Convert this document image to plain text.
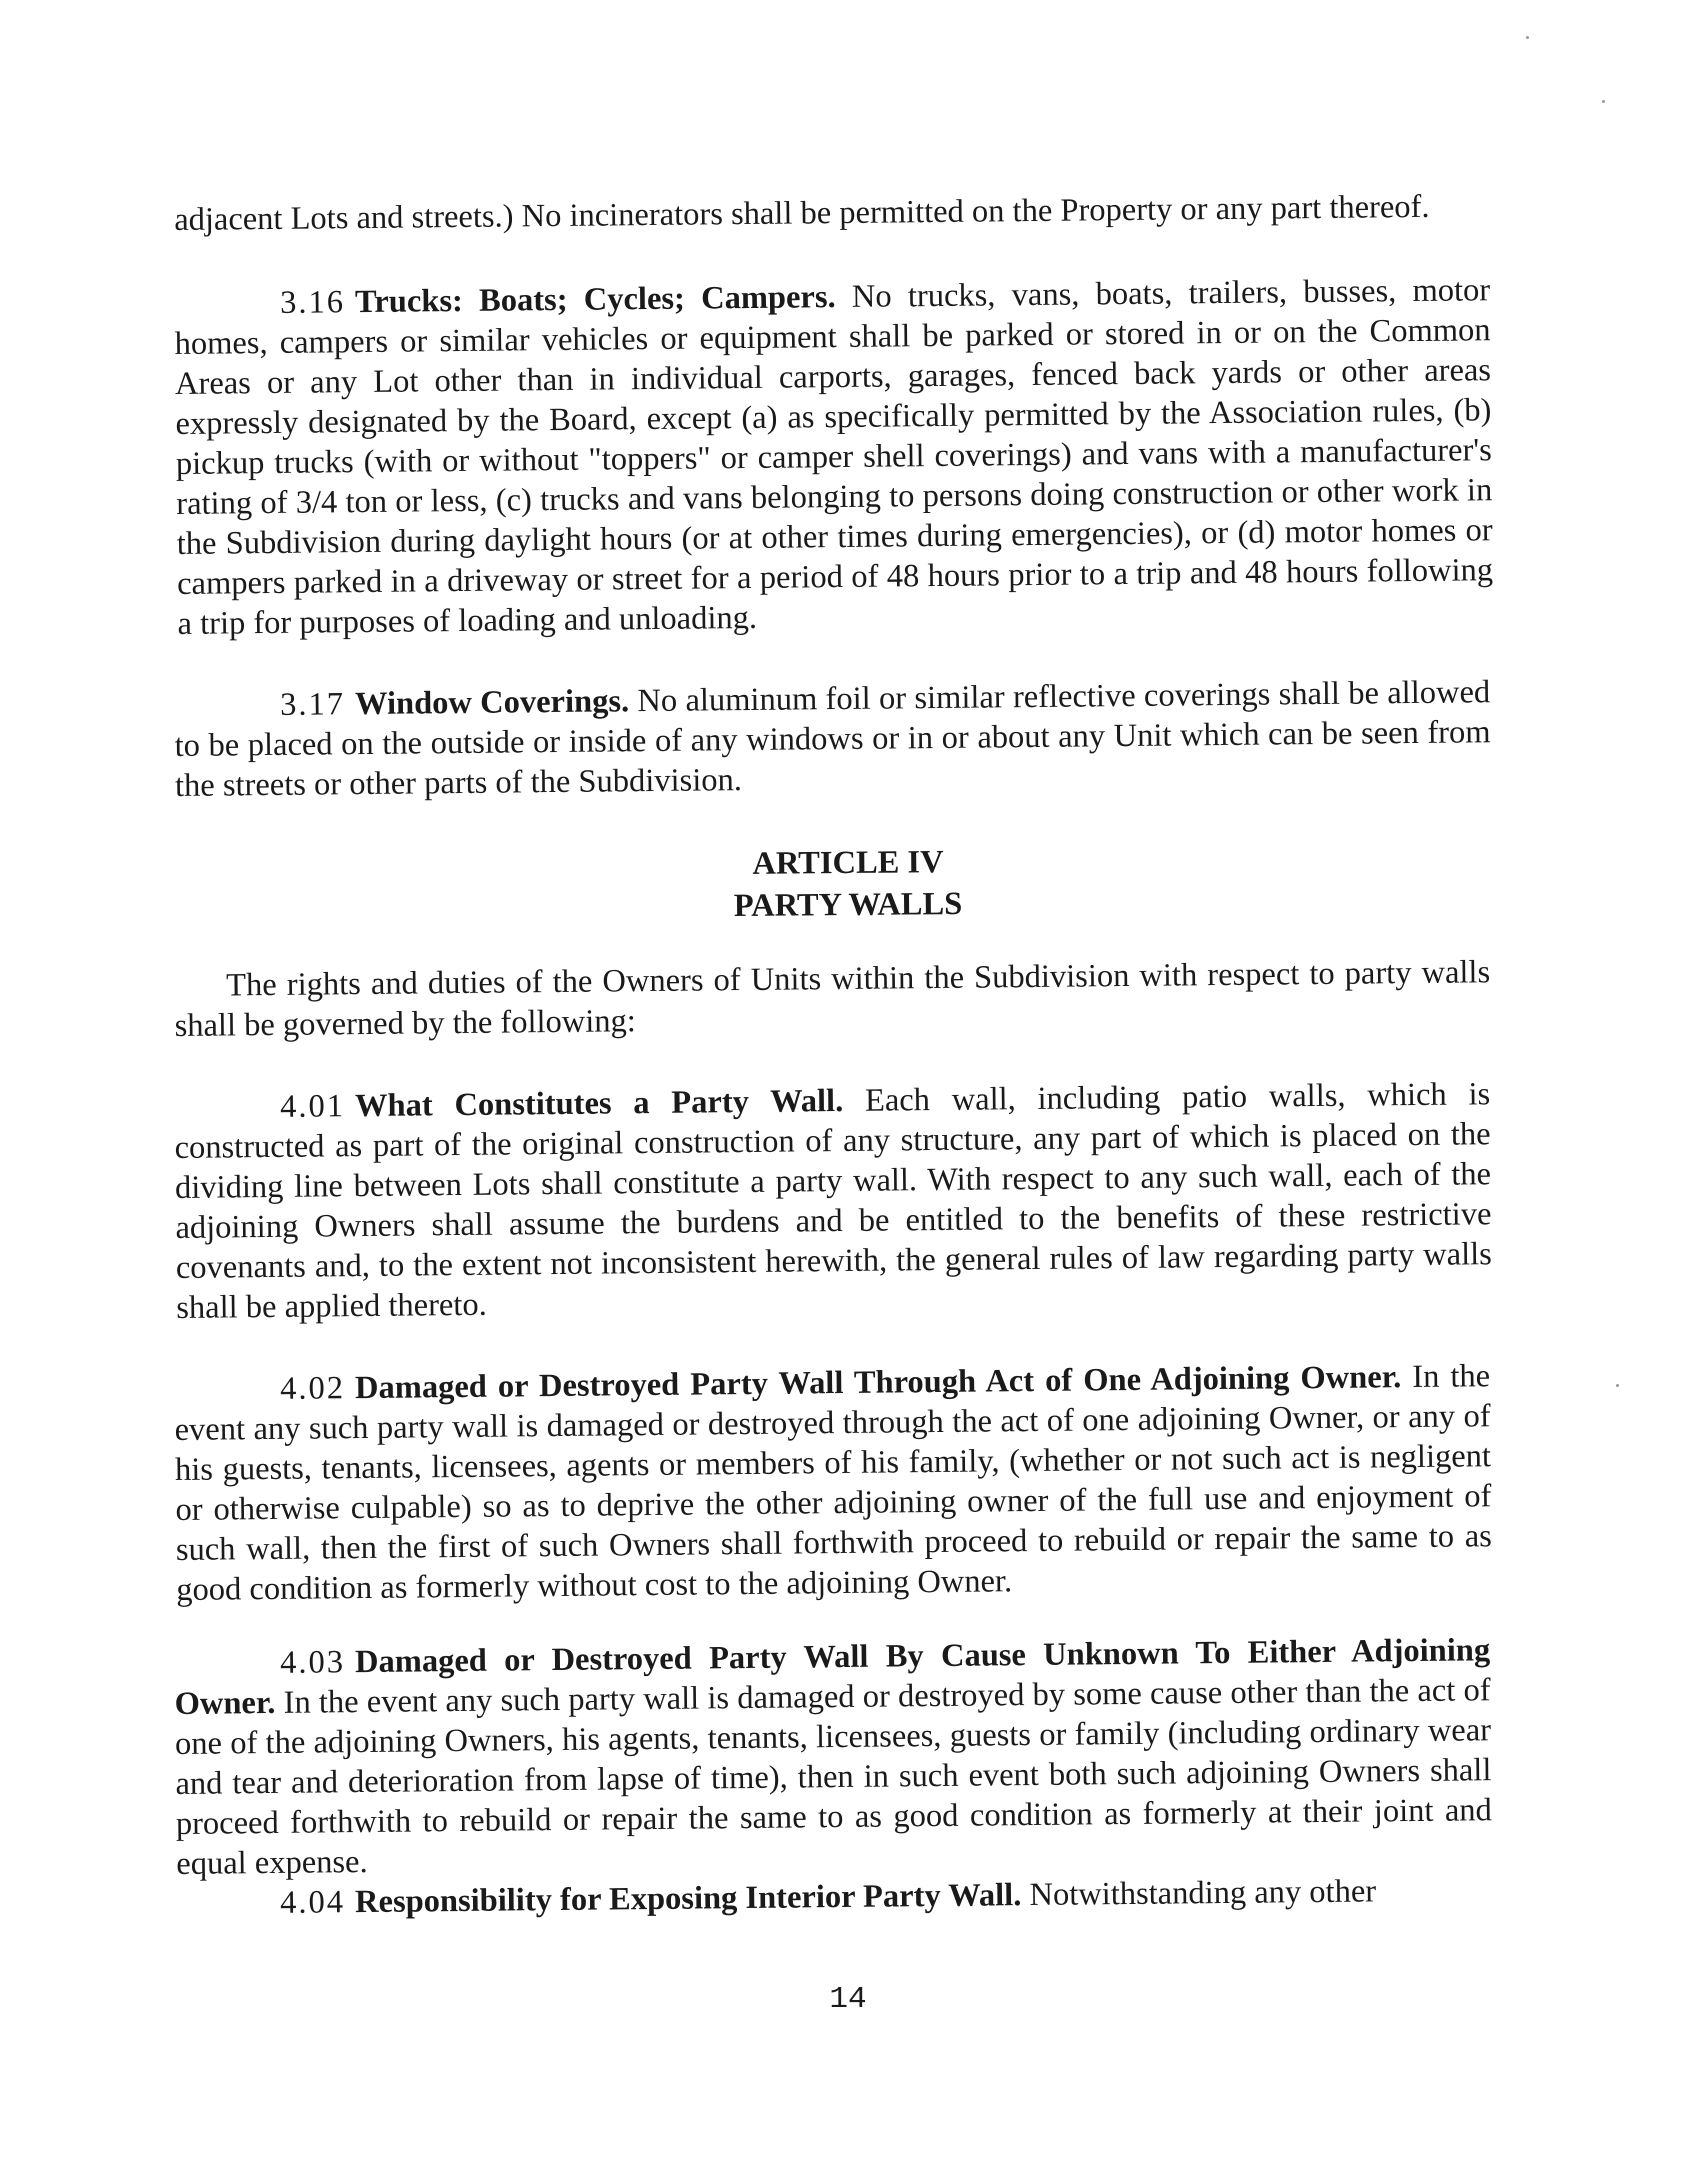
adjacent Lots and streets.) No incinerators shall be permitted on the Property or any part thereof.

3.16 Trucks: Boats; Cycles; Campers. No trucks, vans, boats, trailers, busses, motor homes, campers or similar vehicles or equipment shall be parked or stored in or on the Common Areas or any Lot other than in individual carports, garages, fenced back yards or other areas expressly designated by the Board, except (a) as specifically permitted by the Association rules, (b) pickup trucks (with or without "toppers" or camper shell coverings) and vans with a manufacturer's rating of 3/4 ton or less, (c) trucks and vans belonging to persons doing construction or other work in the Subdivision during daylight hours (or at other times during emergencies), or (d) motor homes or campers parked in a driveway or street for a period of 48 hours prior to a trip and 48 hours following a trip for purposes of loading and unloading.

3.17 Window Coverings. No aluminum foil or similar reflective coverings shall be allowed to be placed on the outside or inside of any windows or in or about any Unit which can be seen from the streets or other parts of the Subdivision.

ARTICLE IV
PARTY WALLS

The rights and duties of the Owners of Units within the Subdivision with respect to party walls shall be governed by the following:

4.01 What Constitutes a Party Wall. Each wall, including patio walls, which is constructed as part of the original construction of any structure, any part of which is placed on the dividing line between Lots shall constitute a party wall. With respect to any such wall, each of the adjoining Owners shall assume the burdens and be entitled to the benefits of these restrictive covenants and, to the extent not inconsistent herewith, the general rules of law regarding party walls shall be applied thereto.

4.02 Damaged or Destroyed Party Wall Through Act of One Adjoining Owner. In the event any such party wall is damaged or destroyed through the act of one adjoining Owner, or any of his guests, tenants, licensees, agents or members of his family, (whether or not such act is negligent or otherwise culpable) so as to deprive the other adjoining owner of the full use and enjoyment of such wall, then the first of such Owners shall forthwith proceed to rebuild or repair the same to as good condition as formerly without cost to the adjoining Owner.

4.03 Damaged or Destroyed Party Wall By Cause Unknown To Either Adjoining Owner. In the event any such party wall is damaged or destroyed by some cause other than the act of one of the adjoining Owners, his agents, tenants, licensees, guests or family (including ordinary wear and tear and deterioration from lapse of time), then in such event both such adjoining Owners shall proceed forthwith to rebuild or repair the same to as good condition as formerly at their joint and equal expense.

4.04 Responsibility for Exposing Interior Party Wall. Notwithstanding any other

14
